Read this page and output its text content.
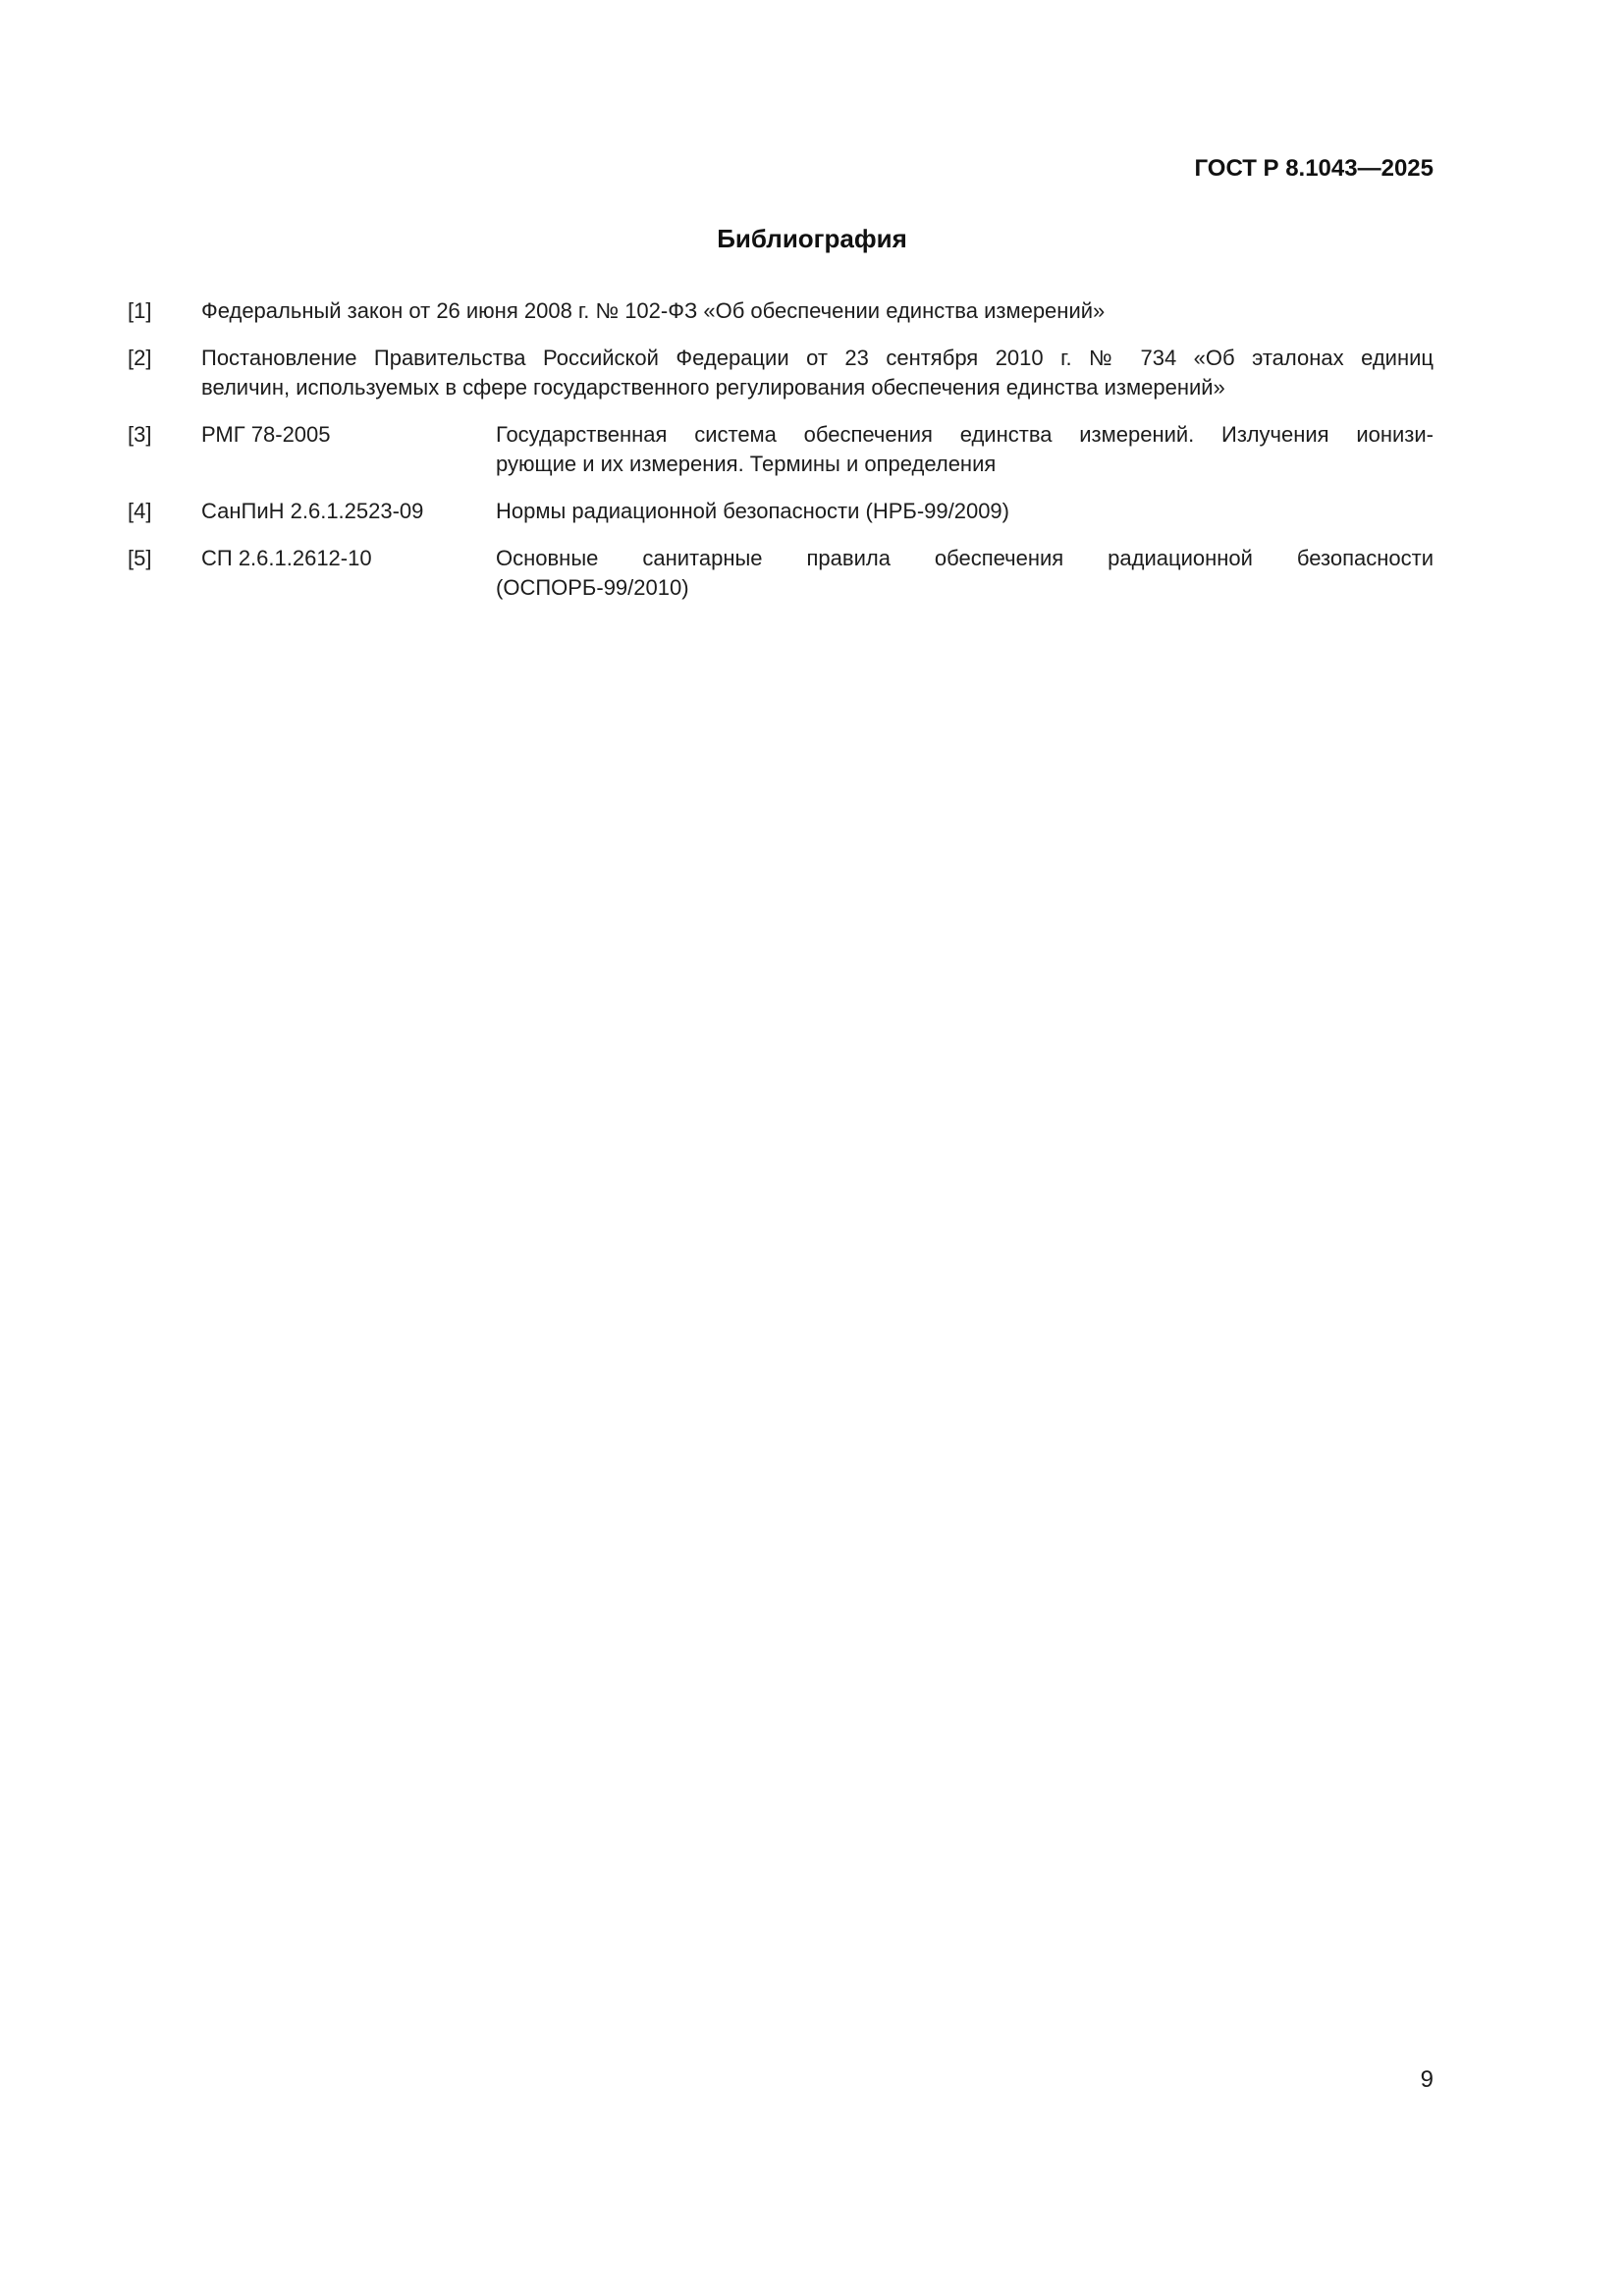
ГОСТ Р 8.1043—2025
Библиография
[1]	Федеральный закон от 26 июня 2008 г. № 102-ФЗ «Об обеспечении единства измерений»
[2]	Постановление Правительства Российской Федерации от 23 сентября 2010 г. № 734 «Об эталонах единиц
величин, используемых в сфере государственного регулирования обеспечения единства измерений»
[3]	РМГ 78-2005	Государственная система обеспечения единства измерений. Излучения ионизи-
рующие и их измерения. Термины и определения
[4]	СанПиН 2.6.1.2523-09	Нормы радиационной безопасности (НРБ-99/2009)
[5]	СП 2.6.1.2612-10	Основные санитарные правила обеспечения радиационной безопасности
(ОСПОРБ-99/2010)
9
